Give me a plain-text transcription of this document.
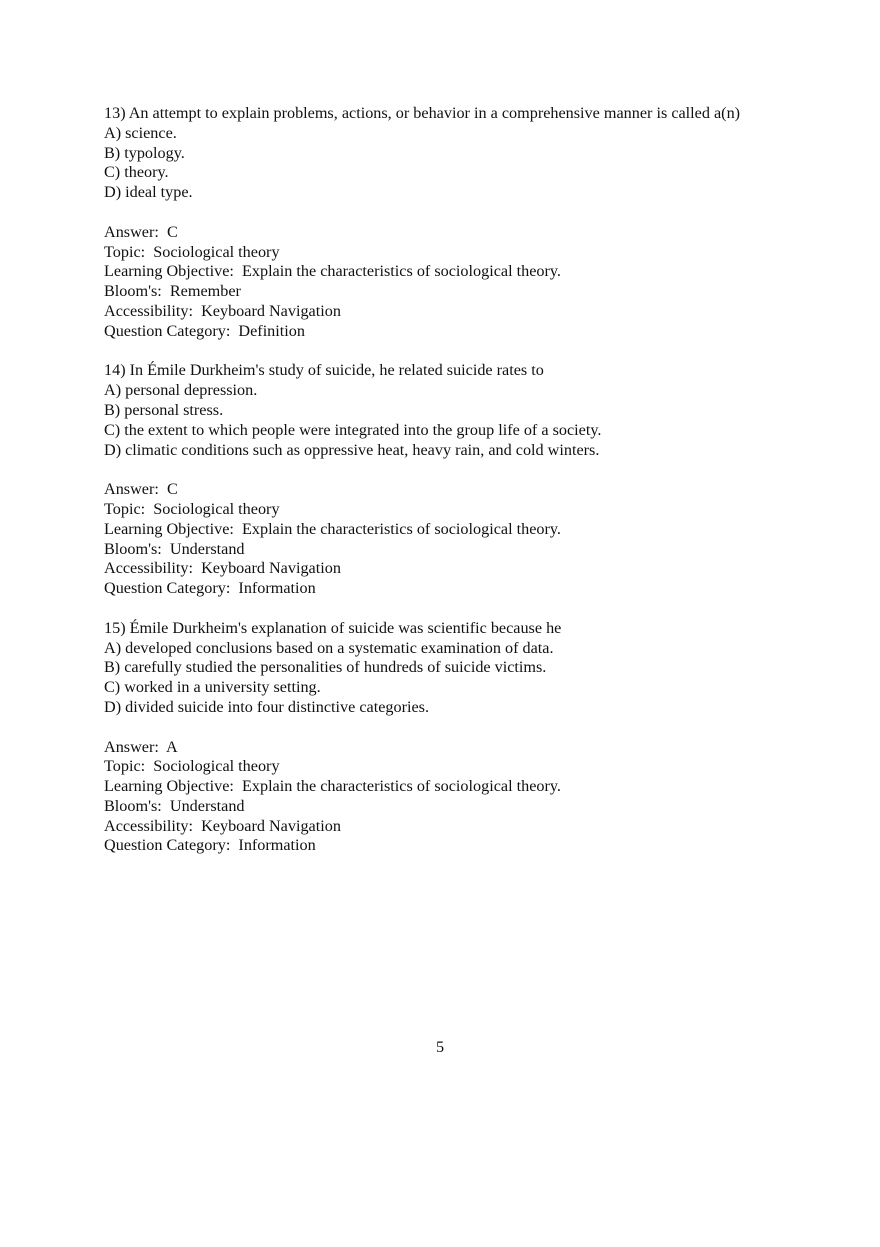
13) An attempt to explain problems, actions, or behavior in a comprehensive manner is called a(n)
A) science.
B) typology.
C) theory.
D) ideal type.
Answer:  C
Topic:  Sociological theory
Learning Objective:  Explain the characteristics of sociological theory.
Bloom's:  Remember
Accessibility:  Keyboard Navigation
Question Category:  Definition
14) In Émile Durkheim's study of suicide, he related suicide rates to
A) personal depression.
B) personal stress.
C) the extent to which people were integrated into the group life of a society.
D) climatic conditions such as oppressive heat, heavy rain, and cold winters.
Answer:  C
Topic:  Sociological theory
Learning Objective:  Explain the characteristics of sociological theory.
Bloom's:  Understand
Accessibility:  Keyboard Navigation
Question Category:  Information
15) Émile Durkheim's explanation of suicide was scientific because he
A) developed conclusions based on a systematic examination of data.
B) carefully studied the personalities of hundreds of suicide victims.
C) worked in a university setting.
D) divided suicide into four distinctive categories.
Answer:  A
Topic:  Sociological theory
Learning Objective:  Explain the characteristics of sociological theory.
Bloom's:  Understand
Accessibility:  Keyboard Navigation
Question Category:  Information
5
